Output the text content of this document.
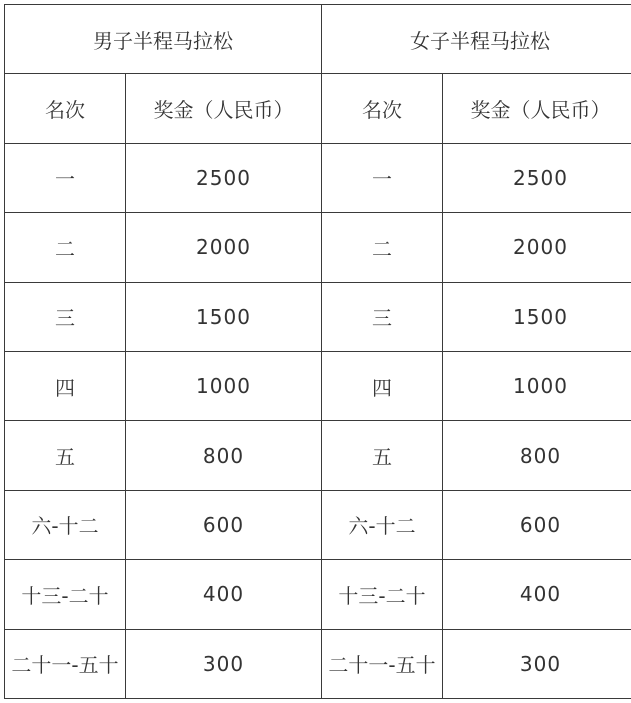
男子半程马拉松		女子半程马拉松	
名次	奖金（人民币）	名次	奖金（人民币）
一	2500	一	2500
二	2000	二	2000
三	1500	三	1500
四	1000	四	1000
五	800	五	800
六-十二	600	六-十二	600
十三-二十	400	十三-二十	400
二十一-五十	300	二十一-五十	300
